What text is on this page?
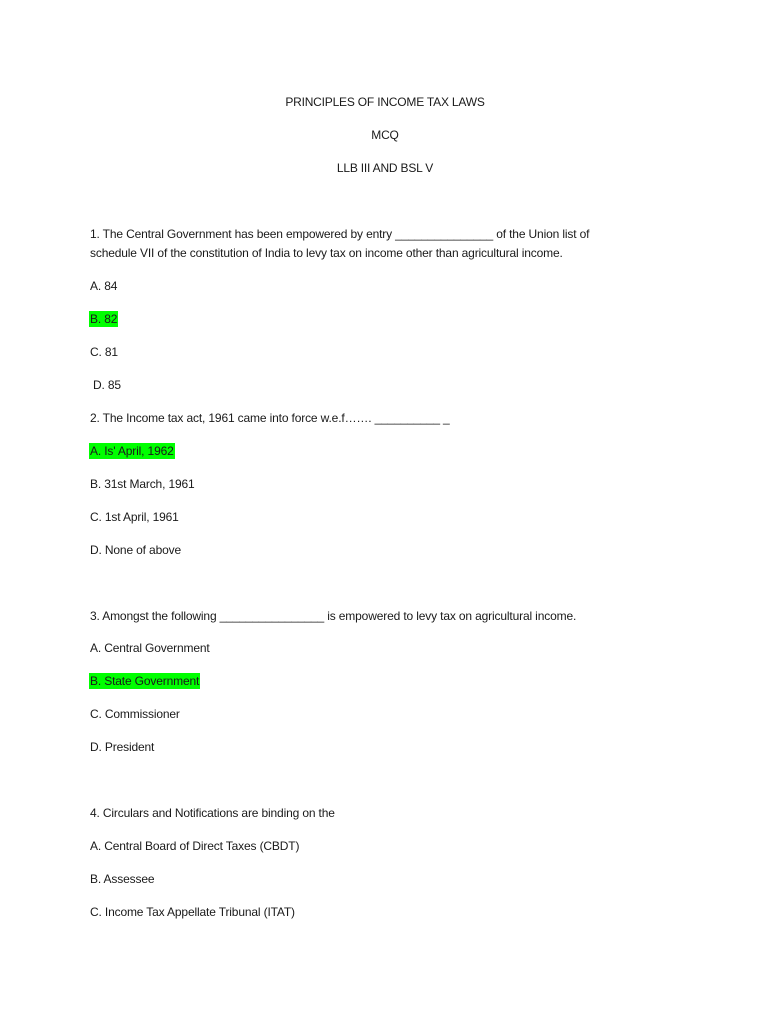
PRINCIPLES OF INCOME TAX LAWS
MCQ
LLB III AND BSL V
1. The Central Government has been empowered by entry _______________ of the Union list of
schedule VII of the constitution of India to levy tax on income other than agricultural income.
A. 84
B. 82
C. 81
D. 85
2. The Income tax act, 1961 came into force w.e.f……. __________ _
A. Is' April, 1962
B. 31st March, 1961
C. 1st April, 1961
D. None of above
3. Amongst the following ________________ is empowered to levy tax on agricultural income.
A. Central Government
B. State Government
C. Commissioner
D. President
4. Circulars and Notifications are binding on the
A. Central Board of Direct Taxes (CBDT)
B. Assessee
C. Income Tax Appellate Tribunal (ITAT)
